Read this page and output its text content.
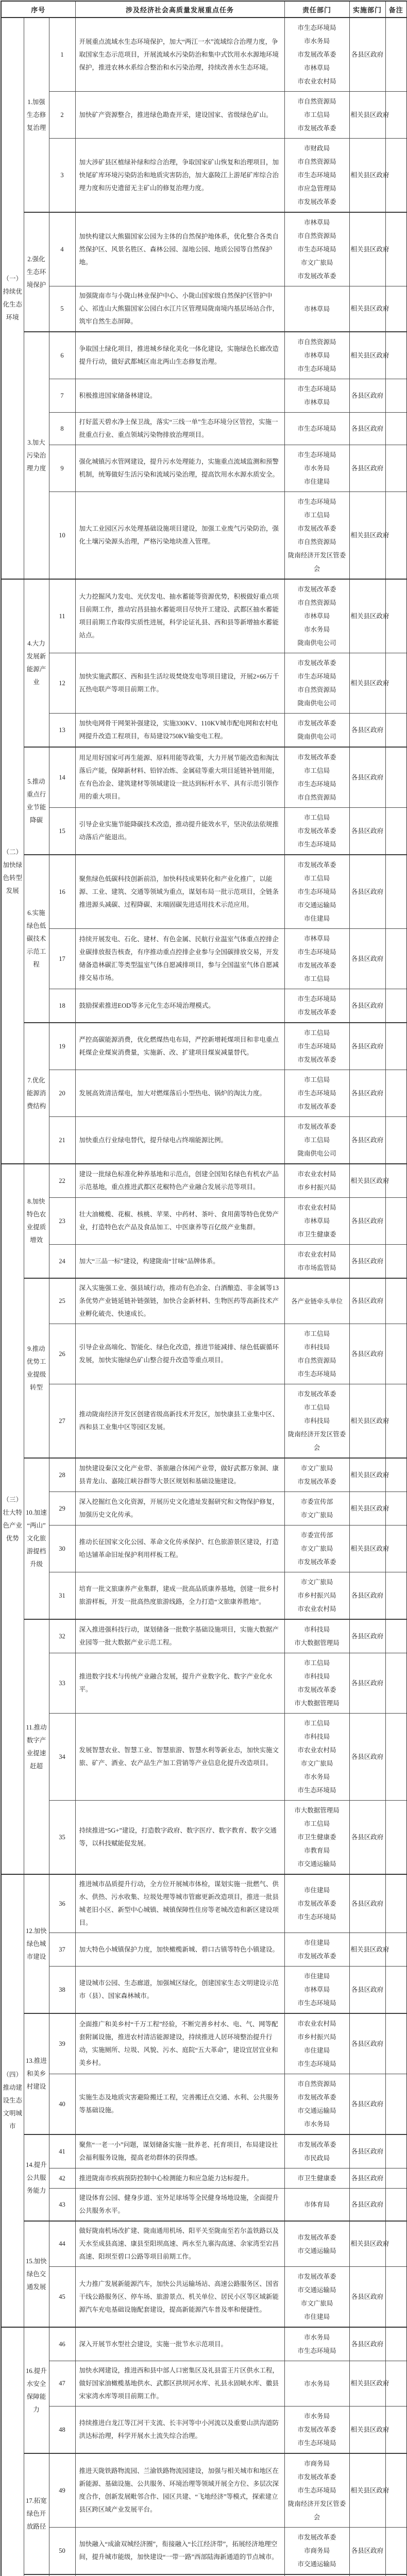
序号			涉及经济社会高质量发展重点任务	责任部门	实施部门	备注
（一）持续优化生态环境	1.加强生态修复治理	1	开展重点流域水生态环境保护，加大“两江一水”流域综合治理力度，争取国家生态示范项目，开展流域水污染防治和集中式饮用水水源地环境保护，推进农林水系综合整治和水污染治理，持续改善水生态环境。	市生态环境局
市水务局
市发展改革委
市林草局
市农业农村局	各县区政府	
		2	加快矿产资源整合，推进绿色勘查开采，建设国家、省级绿色矿山。	市自然资源局
市工信局
市发展改革委	相关县区政府	
		3	加大涉矿县区植绿补绿和综合治理，争取国家矿山恢复和治理项目，加快尾矿库环境污染防治和地质灾害防治，加大嘉陵江上游尾矿库综合治理力度和历史遗留无主矿山的修复治理力度。	市财政局
市自然资源局
市生态环境局
市应急管理局
市发展改革委	相关县区政府	
	2.强化生态环境保护	4	加快构建以大熊猫国家公园为主体的自然保护地体系，优化整合各类自然保护区、风景名胜区、森林公园、湿地公园、地质公园等自然保护地。	市林草局
市自然资源局
市生态环境局
市文广旅局
市发展改革委	相关县区政府	
		5	加强陇南市与小陇山林业保护中心、小陇山国家级自然保护区管护中心、祁连山大熊猫国家公园白水江片区管理局陇南境内基层场站合作，筑牢自然生态屏障。	市林草局	相关县区政府	
	3.加大污染治理力度	6	争取国土绿化项目，推进城乡绿化美化一体化建设，实施绿色长廊改造提升行动，做好武都城区南北两山生态修复治理。	市自然资源局
市林草局
市生态环境局	相关县区政府	
		7	积极推进国家储备林建设。	市生态环境局
市林草局	各县区政府	
		8	打好蓝天碧水净土保卫战，落实“三线一单”生态环境分区管控，实施一批重点行业、重点领域污染物排放治理项目。	市生态环境局	各县区政府	
		9	强化城镇污水管网建设，提升污水处理能力，实施重点流域监测和预警机制，统筹做好生活污染和流域污染治理，提高饮用水水源水质安全。	市生态环境局
市水务局
市住建局	各县区政府	
		10	加大工业园区污水处理基础设施项目建设，加强工业废气污染防治，强化土壤污染源头治理，严格污染地块准入管理。	市生态环境局
市工信局
市发展改革委
市自然资源局
陇南经济开发区管委会	相关县区政府	
（二）加快绿色转型发展	4.大力发展新能源产业	11	大力挖掘风力发电、光伏发电、抽水蓄能等资源优势，积极做好重点项目前期工作，推动宕昌县抽水蓄能项目尽快开工建设、武都区抽水蓄能项目前期工作取得实质性进展，科学论证礼县、西和县等新增抽水蓄能站点。	市发展改革委
市自然资源局
市林草局
市水务局
陇南供电公司	相关县区政府	
		12	加快实施武都区、西和县生活垃圾焚烧发电等项目建设，开展2×66万千瓦热电联产等项目前期工作。	市发展改革委
市生态环境局
市自然资源局
陇南供电公司	相关县区政府	
		13	加快电网骨干网架补强建设，实施330KV、110KV城市配电网和农村电网提升改造工程项目，布局建设750KV输变电工程。	市发展改革委
陇南供电公司	各县区政府	
	5.推动重点行业节能降碳	14	用足用好国家可再生能源、原料用能等政策，大力开展节能改造和淘汰落后产能，保障新材料、铅锌冶炼、金属硅等重大项目延链补链用能，在有色冶金、建筑建材等领域建设一批达到标杆水平、具有示范引领作用的重大项目。	市发展改革委
市工信局
市生态环境局
市自然资源局	各县区政府	
		15	引导企业实施节能降碳技术改造，推动提升能效水平，坚决依法依规推动落后产能退出。	市工信局
市发展改革委
市生态环境局	各县区政府	
	6.实施绿色低碳技术示范工程	16	聚焦绿色低碳科技创新前沿，加快科技成果转化和产业化推广，以能源、工业、建筑、交通等领域为重点，谋划布局一批示范项目，全链条推进源头减碳、过程降碳、末端固碳先进适用技术示范应用。	市发展改革委
市工信局
市生态环境局
市交通运输局
市住建局	各县区政府	
		17	持续开展发电、石化、建材、有色金属、民航行业温室气体重点控排企业碳排放报告核查，有序推动重点控排企业参与全国碳排放交易，开发储备造林碳汇等类型温室气体自愿减排项目，参与全国温室气体自愿减排交易市场。	市林草局
市生态环境局
市发展改革委
市工信局	各县区政府	
		18	鼓励探索推进EOD等多元化生态环境治理模式。	市生态环境局
市发展改革委	各县区政府	
	7.优化能源消费结构	19	严控高碳能源消费，优化燃煤热电布局，严控新增耗煤项目和非电重点耗煤企业煤炭消费量，实施新、改、扩建项目煤炭减量替代。	市工信局
市生态环境局
市发展改革委	各县区政府	
		20	发展高效清洁煤电，加大对燃煤落后小型热电、锅炉的淘汰力度。	市工信局
市生态环境局
市发展改革委	各县区政府	
		21	加快重点行业绿电替代，提升绿电占终端能源比例。	市发展改革委
市工信局
陇南供电公司	各县区政府	
（三）壮大特色产业优势	8.加快特色农业提质增效	22	建设一批绿色标准化种养基地和示范点，创建全国知名绿色有机农产品示范基地，重点推进武都区花椒特色产业融合发展示范等项目。	市农业农村局
市乡村振兴局	相关县区政府	
		23	壮大油橄榄、花椒、核桃、苹果、中药材、茶叶、食用菌等特色优势产业，打造特色农产品及食品加工、中医康养等百亿级产业集群。	市农业农村局
市林草局
市卫生健康委	各县区政府	
		24	加大“三品一标”建设，构建陇南“甘味”品牌体系。	市农业农村局
市市场监管局	各县区政府	
	9.推动优势工业提级转型	25	深入实施强工业、强县域行动，推动有色冶金、白酒酿造、非金属等13条优势产业链延链补链强链，加快合金新材料、生物医药等高新技术产业孵化破壳、快速成长。	各产业链牵头单位	各县区政府	
		26	引导企业高端化、智能化、绿色化改造，推进节能减排、绿色低碳循环发展，加快实施绿色矿山整合提升改造等重点项目。	市工信局
市科技局
市自然资源局
市生态环境局	各县区政府	
		27	推动陇南经济开发区创建省级高新技术开发区，加快康县工业集中区、西和县工业集中区等园区发展。	市发展改革委
市工信局
市科技局
陇南经济开发区管委会	相关县区政府	
	10.加速“两山”文化旅游提档升级	28	加快建设秦汉文化产业带、茶旅融合休闲产业带，做好武都万象洞、康县青龙山、嘉陵江峡谷群等大景区规划和基础设施建设。	市文广旅局
市发展改革委	相关县区政府	
		29	深入挖掘红色文化资源，开展历史文化遗址发掘研究和文物保护修复，加强历史文化传承。	市委宣传部
市文广旅局	相关县区政府	
		30	推动长征国家文化公园、革命文化传承保护、红色旅游景区建设，打造哈达铺革命旧址保护利用样板工程。	市委宣传部
市文广旅局
市发展改革委	相关县区政府	
		31	培育一批文旅康养产业集群，建成一批高品质康养基地，创建一批乡村旅游样板，开发一批高热度旅游线路，全力打造“文旅康养胜地”。	市文广旅局
市乡村振兴局
市农业农村局	各县区政府	
	11.推动数字产业提速赶超	32	深入推进强科技行动，谋划储备一批数字基础设施项目，实施大数据产业园等一批大数据产业示范工程。	市科技局
市大数据管理局	各县区政府	
		33	推进数字技术与传统产业融合发展，提升产业数字化、数字产业化水平。	市工信局
市科技局
市发展改革委
市大数据管理局	各县区政府	
34	发展智慧农业、智慧工业、智慧旅游、智慧水利等新业态，加快实施文旅、矿产、酒业、农产品生产加工营销等产业信息化提升改造项目。	
市工信局
市科技局
市农业农村局
市文广旅局
市水务局
市生态环境局
	各县区政府	
		35	持续推进“5G+”建设，打造数字政府、数字医疗、数字教育、数字交通等，以科技赋能促发展。	市大数据管理局
市工信局
市卫生健康委
市教育局
市交通运输局	各县区政府	
（四）推动建设生态文明城市	12.加快绿色城市建设	36	推进城市品质提升行动，全方位开展城市体检，谋划实施一批燃气、供水、供热、污水收集、垃圾处理等城市管廊更新改造项目，推进一批县城老旧小区、新型中心城镇、城镇保障性住房等老城改造和新区建设项目。	市住建局
市发展改革委
市生态环境局	各县区政府	
		37	加大特色小城镇保护力度，加快橄榄新城、碧口古镇等特色小镇建设。	市住建局
市发展改革委	相关县区政府	
		38	建设城市公园、生态廊道，加强城区绿化，创建国家生态文明建设示范市（县）、国家森林城市。	市住建局
市林草局
市生态环境局	各县区政府	
	13.推进和美乡村建设	39	全面推广和美乡村“千万工程”经验，不断完善乡村水、电、气、网等配套附属设施，推进农村清洁能源建设，持续推进人居环境整治提升行动，实施厕所、垃圾、风貌、污水、庭院“五大革命”，建设宜居宜业和美乡村。	市农业农村局
市乡村振兴局
市住建局
市生态环境局	各县区政府	
		40	实施生态及地质灾害避险搬迁工程，完善搬迁点交通、水利、公共服务等基础设施。	市自然资源局
市发展改革委
市交通运输局
市水务局	各县区政府	
	14.提升公共服务能力	41	聚焦“一老一小”问题，谋划储备实施一批养老、托育项目，布局建设社会福利服务设施，提高老幼群体的获得感。	市发展改革委
市民政局	各县区政府	
		42	推进陇南市疾病预防控制中心检测能力和应急能力达标提升。	市卫生健康委	各县区政府	
		43	建设体育公园、健身步道、室外足球场等全民健身场地设施，全面提升公共服务水平。	市体育局	各县区政府	
	15.加快绿色交通发展	44	做好陇南机场改扩建、陇南通用机场、阳平关至陇南至若尔盖铁路以及天水至成县高速、康县至阳坝高速、两水至九寨沟高速、余家湾至宕昌高速、阳坝至碧口公路等项目前期工作。	市发展改革委
市交通运输局	相关县区政府	
		45	大力推广发展新能源汽车，加快公共运输场站、高速公路服务区、国省干线公路服务区、停车场、旅游景点、机关单位、居民小区等区域新能源汽车充电基础设施配套建设，提高新能源汽车普及率和便捷性。	市发展改革委
市交通运输局
市文广旅局
市住建局	各县区政府	
	16.提升水安全保障能力	46	深入开展节水型社会建设，实施一批节水示范项目。	市水务局
市生态环境局	各县区政府	
		47	加快水网建设，推进西和县中部人口密集区及礼县雷王片区供水工程，做好国家油橄榄基地供水、武都区拱坝河水库、礼县永固峡水库、徽县宋家湾水库等项目前期工作。	市水务局	相关县区政府	
		48	持续推进白龙江等江河干支流、长丰河等中小河流以及重要山洪沟道防洪达标治理，科学开展水土流失综合治理。	市水务局
市发展改革委
市生态环境局	相关县区政府	
	17.拓宽绿色开放路径	49	推进天陇铁路物流园、兰渝铁路物流园建设，加强与相关城市和地区在新能源、基础设施、公共服务、环境治理等领域开展全方位、多层次深度合作，创新发展毗邻合作、园区共建、“飞地经济”等模式，探索建立县区跨区域产业发展平台。	市商务局
市发展改革委
市生态环境局
陇南经济开发区管委会	相关县区政府	
		50	加快融入“成渝双城经济圈”，衔接融入“长江经济带”，拓展经济地理空间，提升城市能级，加快建设“一带一路”西部陆海新通道的节点城市。	市发展改革委
市商务局
市交通运输局	各县区政府	
